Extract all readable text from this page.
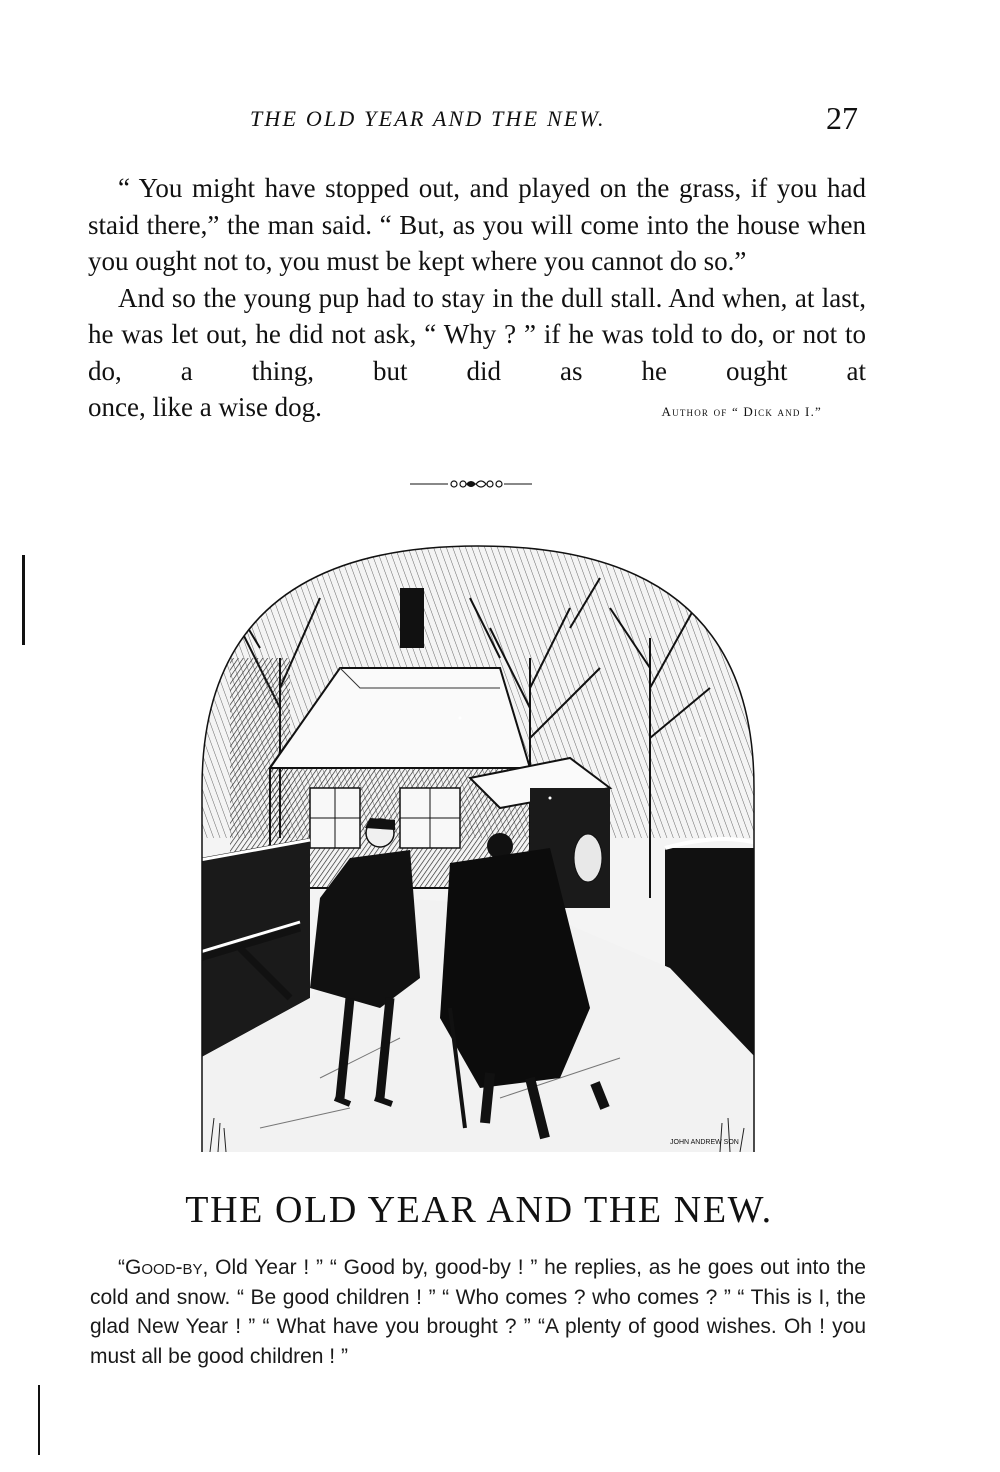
THE OLD YEAR AND THE NEW.	27

“ You might have stopped out, and played on the grass, if you had staid there,” the man said. “ But, as you will come into the house when you ought not to, you must be kept where you cannot do so.”

And so the young pup had to stay in the dull stall. And when, at last, he was let out, he did not ask, “ Why ? ” if he was told to do, or not to do, a thing, but did as he ought at

once, like a wise dog.	Author of “ Dick and I.”
JOHN ANDREW SON
THE OLD YEAR AND THE NEW.

“Good-by, Old Year ! ” “ Good by, good-by ! ” he replies, as he goes out into the cold and snow. “ Be good children ! ” “ Who comes ? who comes ? ” “ This is I, the glad New Year ! ” “ What have you brought ? ” “A plenty of good wishes. Oh ! you must all be good children ! ”
